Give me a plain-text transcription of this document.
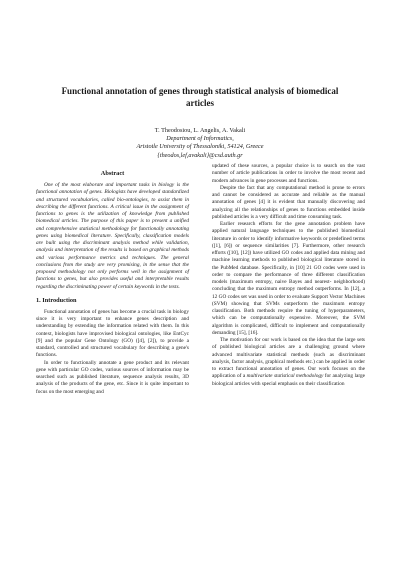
Functional annotation of genes through statistical analysis of biomedical articles
T. Theodosiou, L. Angelis, A. Vakali
Department of Informatics,
Aristotle University of Thessaloniki, 54124, Greece
{theodos,lef,avakali}@csd.auth.gr
Abstract

One of the most elaborate and important tasks in biology is the functional annotation of genes. Biologists have developed standardized and structured vocabularies, called bio-ontologies, to assist them in describing the different functions. A critical issue in the assignment of functions to genes is the utilization of knowledge from published biomedical articles. The purpose of this paper is to present a unified and comprehensive statistical methodology for functionally annotating genes using biomedical literature. Specifically, classification models are built using the discriminant analysis method while validation, analysis and interpretation of the results is based on graphical methods and various performance metrics and techniques. The general conclusions from the study are very promising, in the sense that the proposed methodology not only performs well in the assignment of functions to genes, but also provides useful and interpretable results regarding the discriminating power of certain keywords in the texts.

1. Introduction

Functional annotation of genes has become a crucial task in biology since it is very important to enhance genes description and understanding by extending the information related with them. In this context, biologists have improvised biological ontologies, like EntCyc [9] and the popular Gene Ontology (GO) ([4], [2]), to provide a standard, controlled and structured vocabulary for describing a gene's functions.

In order to functionally annotate a gene product and its relevant gene with particular GO codes, various sources of information may be searched such as published literature, sequence analysis results, 3D analysis of the products of the gene, etc. Since it is quite important to focus on the most emerging and

updated of these sources, a popular choice is to search on the vast number of article publications in order to involve the most recent and modern advances in gene processes and functions.

Despite the fact that any computational method is prone to errors and cannot be considered as accurate and reliable as the manual annotation of genes [4] it is evident that manually discovering and analyzing all the relationships of genes to functions embedded inside published articles is a very difficult and time consuming task.

Earlier research efforts for the gene annotation problem have applied natural language techniques to the published biomedical literature in order to identify informative keywords or predefined terms ([1], [6]) or sequence similarities [7]. Furthermore, other research efforts ([10], [12]) have utilized GO codes and applied data mining and machine learning methods to published biological literature stored in the PubMed database. Specifically, in [10] 21 GO codes were used in order to compare the performance of three different classification models (maximum entropy, naive Bayes and nearest- neighborhood) concluding that the maximum entropy method outperforms. In [12], a 12 GO codes set was used in order to evaluate Support Vector Machines (SVM) showing that SVMs outperform the maximum entropy classification. Both methods require the tuning of hyperparameters, which can be computationally expensive. Moreover, the SVM algorithm is complicated, difficult to implement and computationally demanding [15], [16].

The motivation for our work is based on the idea that the large sets of published biological articles are a challenging ground where advanced multivariate statistical methods (such as discriminant analysis, factor analysis, graphical methods etc.) can be applied in order to extract functional annotation of genes. Our work focuses on the application of a multivariate statistical methodology for analyzing large biological articles with special emphasis on their classification
